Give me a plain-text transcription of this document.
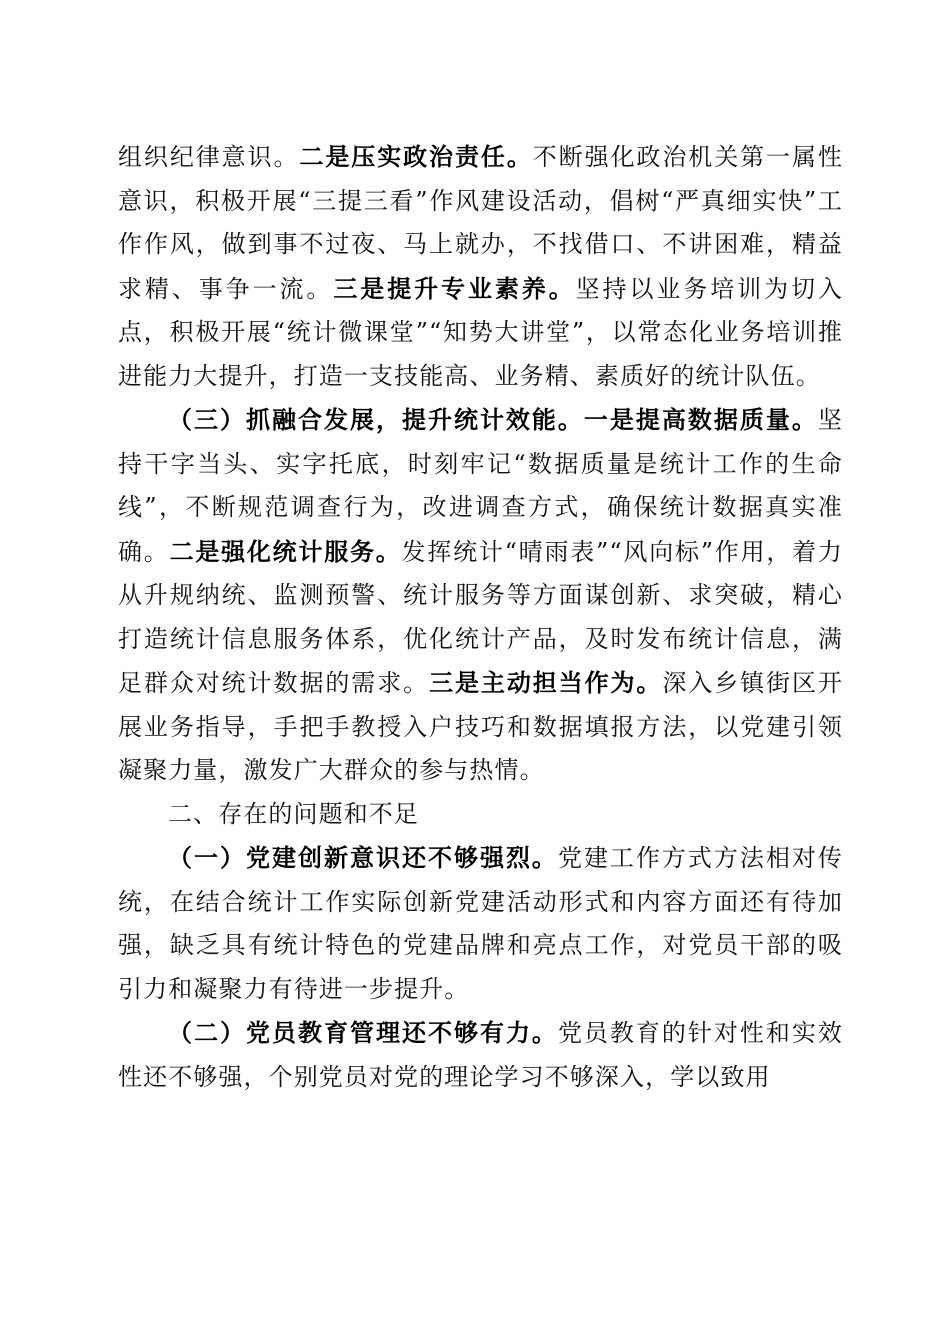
组织纪律意识。二是压实政治责任。不断强化政治机关第一属性意识，积极开展“三提三看”作风建设活动，倡树“严真细实快”工作作风，做到事不过夜、马上就办，不找借口、不讲困难，精益求精、事争一流。三是提升专业素养。坚持以业务培训为切入点，积极开展“统计微课堂”“知势大讲堂”，以常态化业务培训推进能力大提升，打造一支技能高、业务精、素质好的统计队伍。

（三）抓融合发展，提升统计效能。一是提高数据质量。坚持干字当头、实字托底，时刻牢记“数据质量是统计工作的生命线”，不断规范调查行为，改进调查方式，确保统计数据真实准确。二是强化统计服务。发挥统计“晴雨表”“风向标”作用，着力从升规纳统、监测预警、统计服务等方面谋创新、求突破，精心打造统计信息服务体系，优化统计产品，及时发布统计信息，满足群众对统计数据的需求。三是主动担当作为。深入乡镇街区开展业务指导，手把手教授入户技巧和数据填报方法，以党建引领凝聚力量，激发广大群众的参与热情。

二、存在的问题和不足

（一）党建创新意识还不够强烈。党建工作方式方法相对传统，在结合统计工作实际创新党建活动形式和内容方面还有待加强，缺乏具有统计特色的党建品牌和亮点工作，对党员干部的吸引力和凝聚力有待进一步提升。

（二）党员教育管理还不够有力。党员教育的针对性和实效性还不够强，个别党员对党的理论学习不够深入，学以致用
